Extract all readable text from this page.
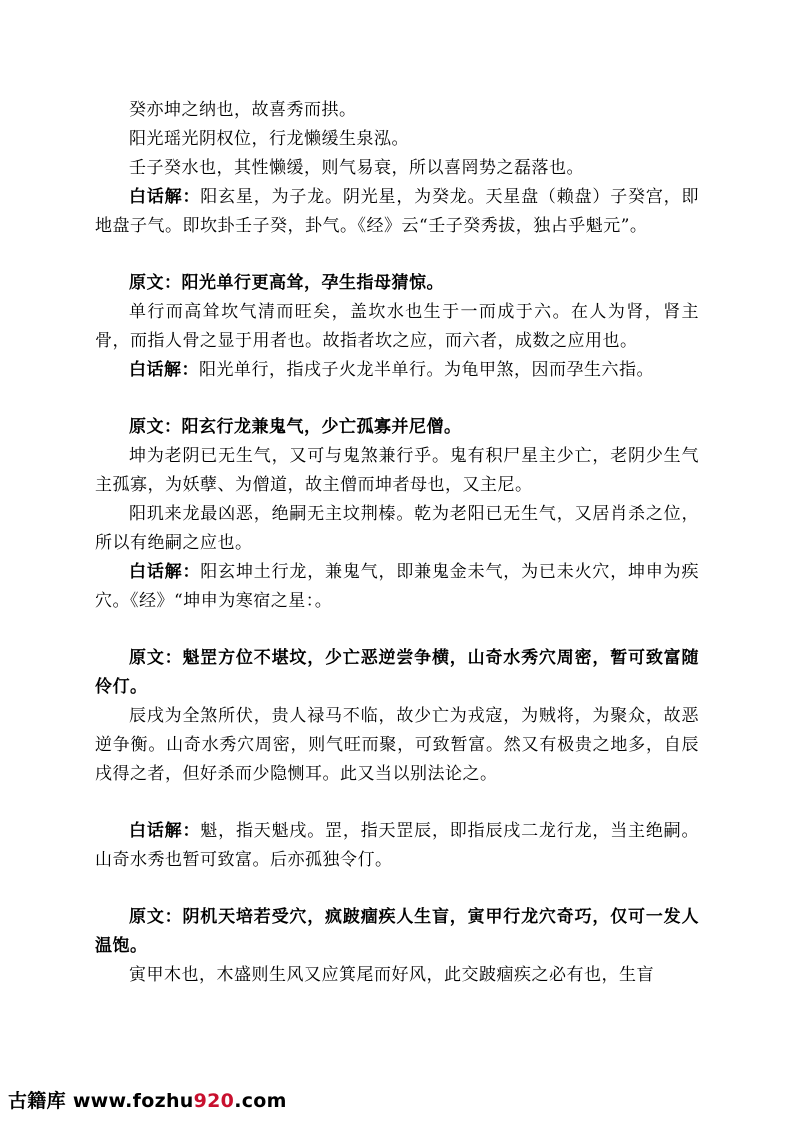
癸亦坤之纳也，故喜秀而拱。

阳光瑶光阴权位，行龙懒缓生泉泓。

壬子癸水也，其性懒缓，则气易衰，所以喜罔势之磊落也。

白话解：阳玄星，为子龙。阴光星，为癸龙。天星盘（赖盘）子癸宫，即地盘子气。即坎卦壬子癸，卦气。《经》云“壬子癸秀拔，独占乎魁元”。

原文：阳光单行更高耸，孕生指母猜惊。

单行而高耸坎气清而旺矣，盖坎水也生于一而成于六。在人为肾，肾主骨，而指人骨之显于用者也。故指者坎之应，而六者，成数之应用也。

白话解：阳光单行，指戌子火龙半单行。为龟甲煞，因而孕生六指。

原文：阳玄行龙兼鬼气，少亡孤寡并尼僧。

坤为老阴已无生气，又可与鬼煞兼行乎。鬼有积尸星主少亡，老阴少生气主孤寡，为妖孽、为僧道，故主僧而坤者母也，又主尼。

阳玑来龙最凶恶，绝嗣无主坟荆榛。乾为老阳已无生气，又居肖杀之位，所以有绝嗣之应也。

白话解：阳玄坤土行龙，兼鬼气，即兼鬼金未气，为已未火穴，坤申为疾穴。《经》“坤申为寒宿之星：。

原文：魁罡方位不堪坟，少亡恶逆尝争横，山奇水秀穴周密，暂可致富随伶仃。

辰戌为全煞所伏，贵人禄马不临，故少亡为戎寇，为贼将，为聚众，故恶逆争衡。山奇水秀穴周密，则气旺而聚，可致暂富。然又有极贵之地多，自辰戌得之者，但好杀而少隐恻耳。此又当以别法论之。

白话解：魁，指天魁戌。罡，指天罡辰，即指辰戌二龙行龙，当主绝嗣。山奇水秀也暂可致富。后亦孤独令仃。

原文：阴机天培若受穴，疯跛痼疾人生盲，寅甲行龙穴奇巧，仅可一发人温饱。

寅甲木也，木盛则生风又应箕尾而好风，此交跛痼疾之必有也，生盲

古籍库 www.fozhu920.com
